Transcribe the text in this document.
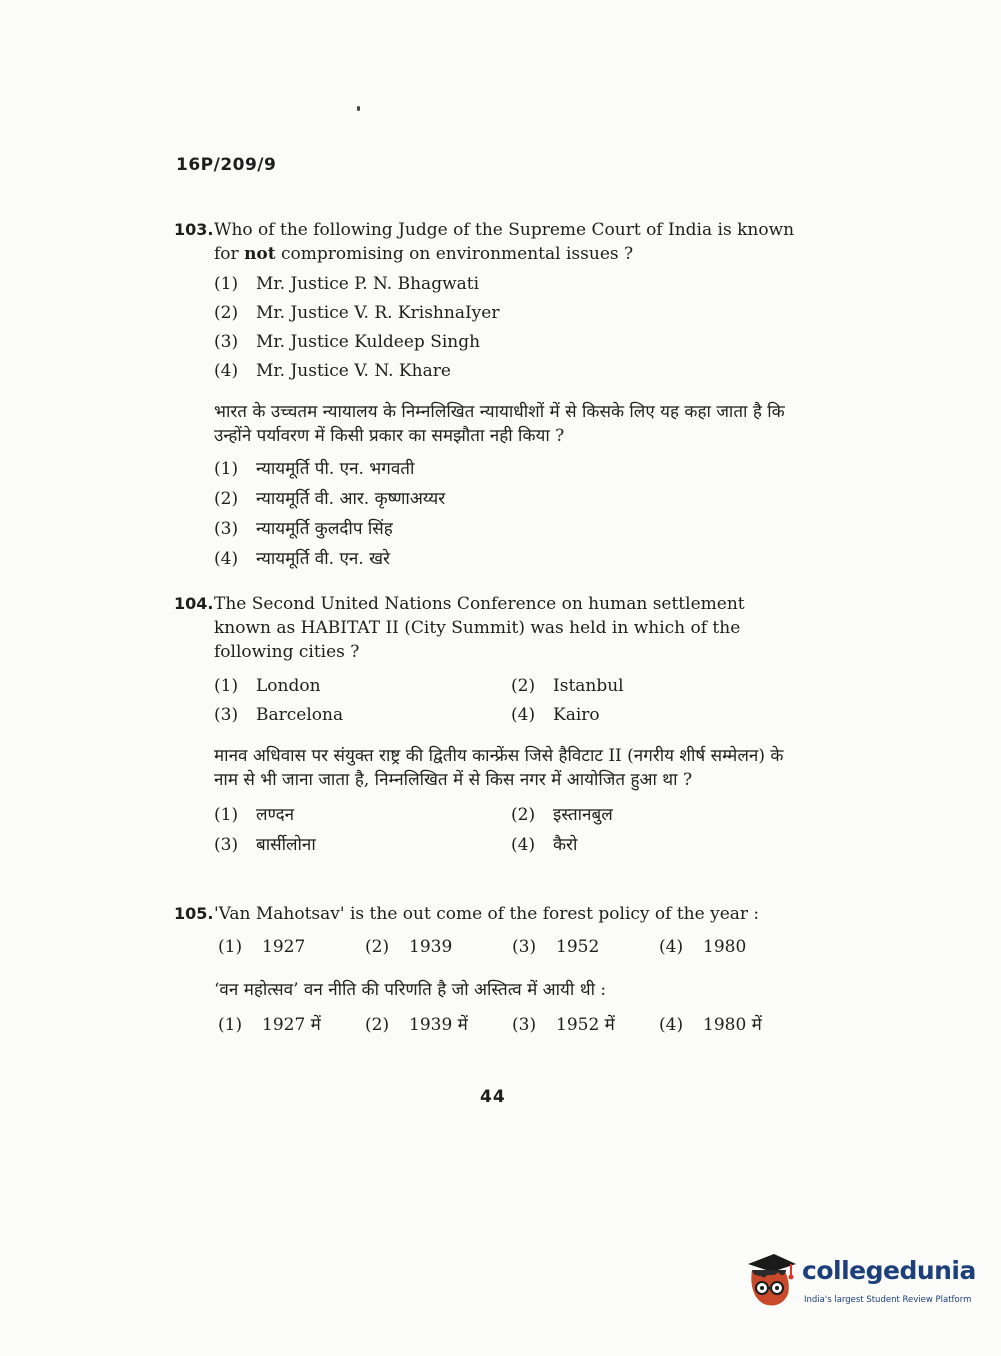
16P/209/9
103. Who of the following Judge of the Supreme Court of India is known for not compromising on environmental issues ?
(1)	Mr. Justice P. N. Bhagwati
(2)	Mr. Justice V. R. KrishnaIyer
(3)	Mr. Justice Kuldeep Singh
(4)	Mr. Justice V. N. Khare
भारत के उच्चतम न्यायालय के निम्नलिखित न्यायाधीशों में से किसके लिए यह कहा जाता है कि उन्होंने पर्यावरण में किसी प्रकार का समझौता नही किया ?
(1)	न्यायमूर्ति पी. एन. भगवती
(2)	न्यायमूर्ति वी. आर. कृष्णाअय्यर
(3)	न्यायमूर्ति कुलदीप सिंह
(4)	न्यायमूर्ति वी. एन. खरे
104. The Second United Nations Conference on human settlement known as HABITAT II (City Summit) was held in which of the following cities ?
(1)	London	(2)	Istanbul
(3)	Barcelona	(4)	Kairo
मानव अधिवास पर संयुक्त राष्ट्र की द्वितीय कान्फ्रेंस जिसे हैविटाट II (नगरीय शीर्ष सम्मेलन) के नाम से भी जाना जाता है, निम्नलिखित में से किस नगर में आयोजित हुआ था ?
(1)	लण्दन	(2)	इस्तानबुल
(3)	बार्सीलोना	(4)	कैरो
105. 'Van Mahotsav' is the out come of the forest policy of the year :
(1)	1927	(2)	1939	(3)	1952	(4)	1980
‘वन महोत्सव’ वन नीति की परिणति है जो अस्तित्व में आयी थी :
(1)	1927 में	(2)	1939 में	(3)	1952 में	(4)	1980 में
44
collegedunia
India's largest Student Review Platform
